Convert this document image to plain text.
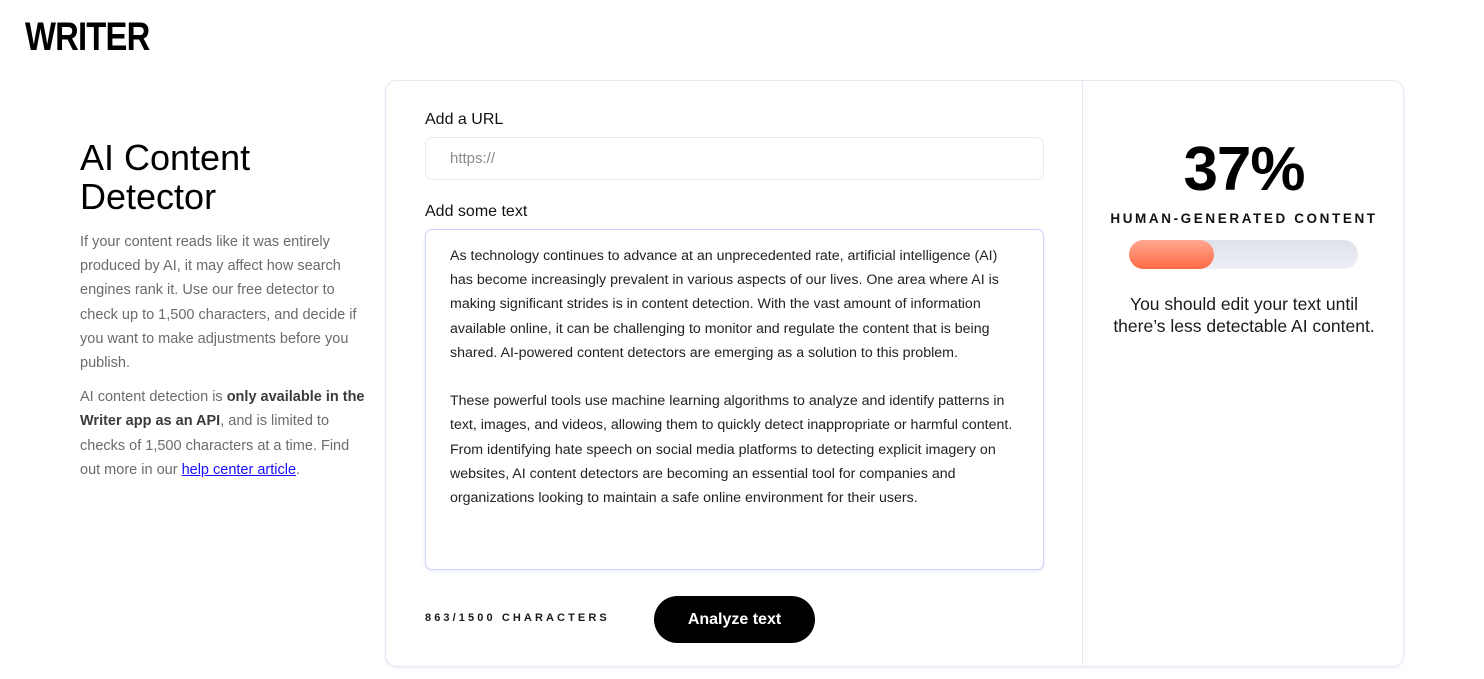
WRITER
AI Content Detector

If your content reads like it was entirely produced by AI, it may affect how search engines rank it. Use our free detector to check up to 1,500 characters, and decide if you want to make adjustments before you publish.

AI content detection is only available in the Writer app as an API, and is limited to checks of 1,500 characters at a time. Find out more in our help center article.

Add a URL
https://
Add some text

As technology continues to advance at an unprecedented rate, artificial intelligence (AI) has become increasingly prevalent in various aspects of our lives. One area where AI is making significant strides is in content detection. With the vast amount of information available online, it can be challenging to monitor and regulate the content that is being shared. AI-powered content detectors are emerging as a solution to this problem.

These powerful tools use machine learning algorithms to analyze and identify patterns in text, images, and videos, allowing them to quickly detect inappropriate or harmful content. From identifying hate speech on social media platforms to detecting explicit imagery on websites, AI content detectors are becoming an essential tool for companies and organizations looking to maintain a safe online environment for their users.

863/1500 CHARACTERS	Analyze text
37%
HUMAN-GENERATED CONTENT
You should edit your text until there’s less detectable AI content.
